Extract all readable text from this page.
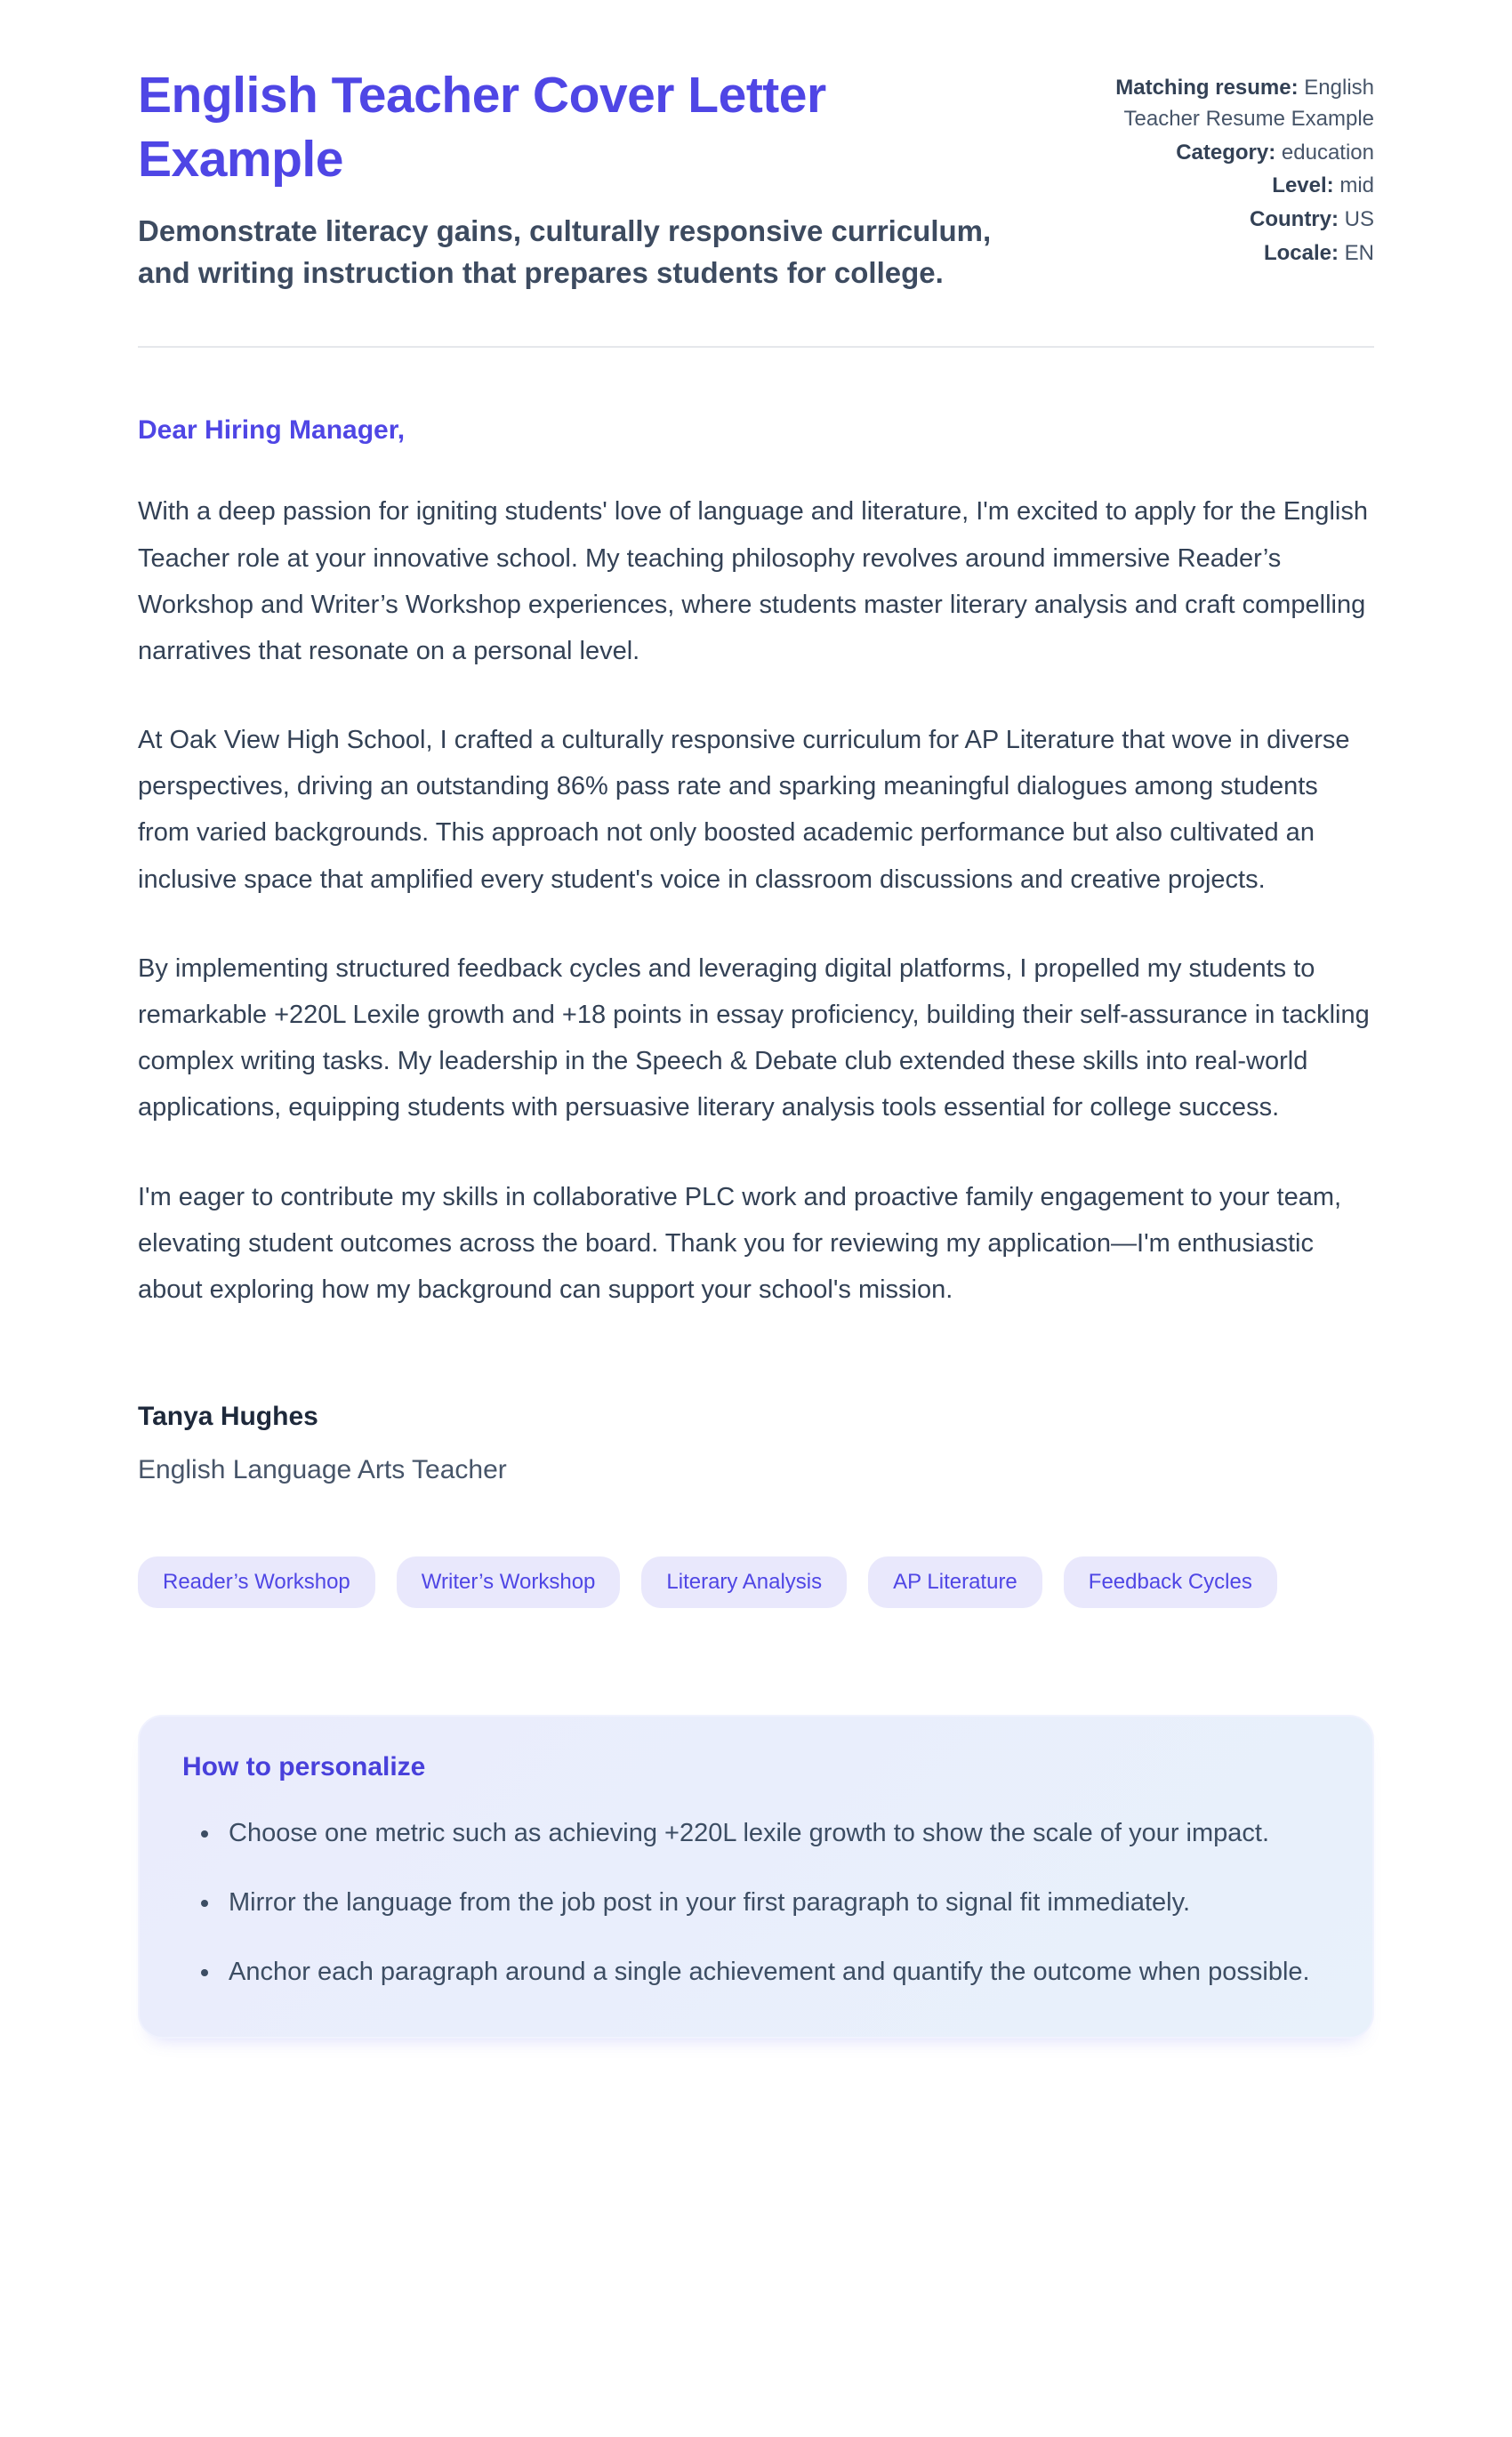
English Teacher Cover Letter Example

Demonstrate literacy gains, culturally responsive curriculum, and writing instruction that prepares students for college.

Matching resume: English Teacher Resume Example
Category: education
Level: mid
Country: US
Locale: EN
Dear Hiring Manager,

With a deep passion for igniting students' love of language and literature, I'm excited to apply for the English Teacher role at your innovative school. My teaching philosophy revolves around immersive Reader’s Workshop and Writer’s Workshop experiences, where students master literary analysis and craft compelling narratives that resonate on a personal level.

At Oak View High School, I crafted a culturally responsive curriculum for AP Literature that wove in diverse perspectives, driving an outstanding 86% pass rate and sparking meaningful dialogues among students from varied backgrounds. This approach not only boosted academic performance but also cultivated an inclusive space that amplified every student's voice in classroom discussions and creative projects.

By implementing structured feedback cycles and leveraging digital platforms, I propelled my students to remarkable +220L Lexile growth and +18 points in essay proficiency, building their self-assurance in tackling complex writing tasks. My leadership in the Speech & Debate club extended these skills into real-world applications, equipping students with persuasive literary analysis tools essential for college success.

I'm eager to contribute my skills in collaborative PLC work and proactive family engagement to your team, elevating student outcomes across the board. Thank you for reviewing my application—I'm enthusiastic about exploring how my background can support your school's mission.

Tanya Hughes

English Language Arts Teacher

Reader’s Workshop	Writer’s Workshop	Literary Analysis	AP Literature	Feedback Cycles
How to personalize
• Choose one metric such as achieving +220L lexile growth to show the scale of your impact.
• Mirror the language from the job post in your first paragraph to signal fit immediately.
• Anchor each paragraph around a single achievement and quantify the outcome when possible.
